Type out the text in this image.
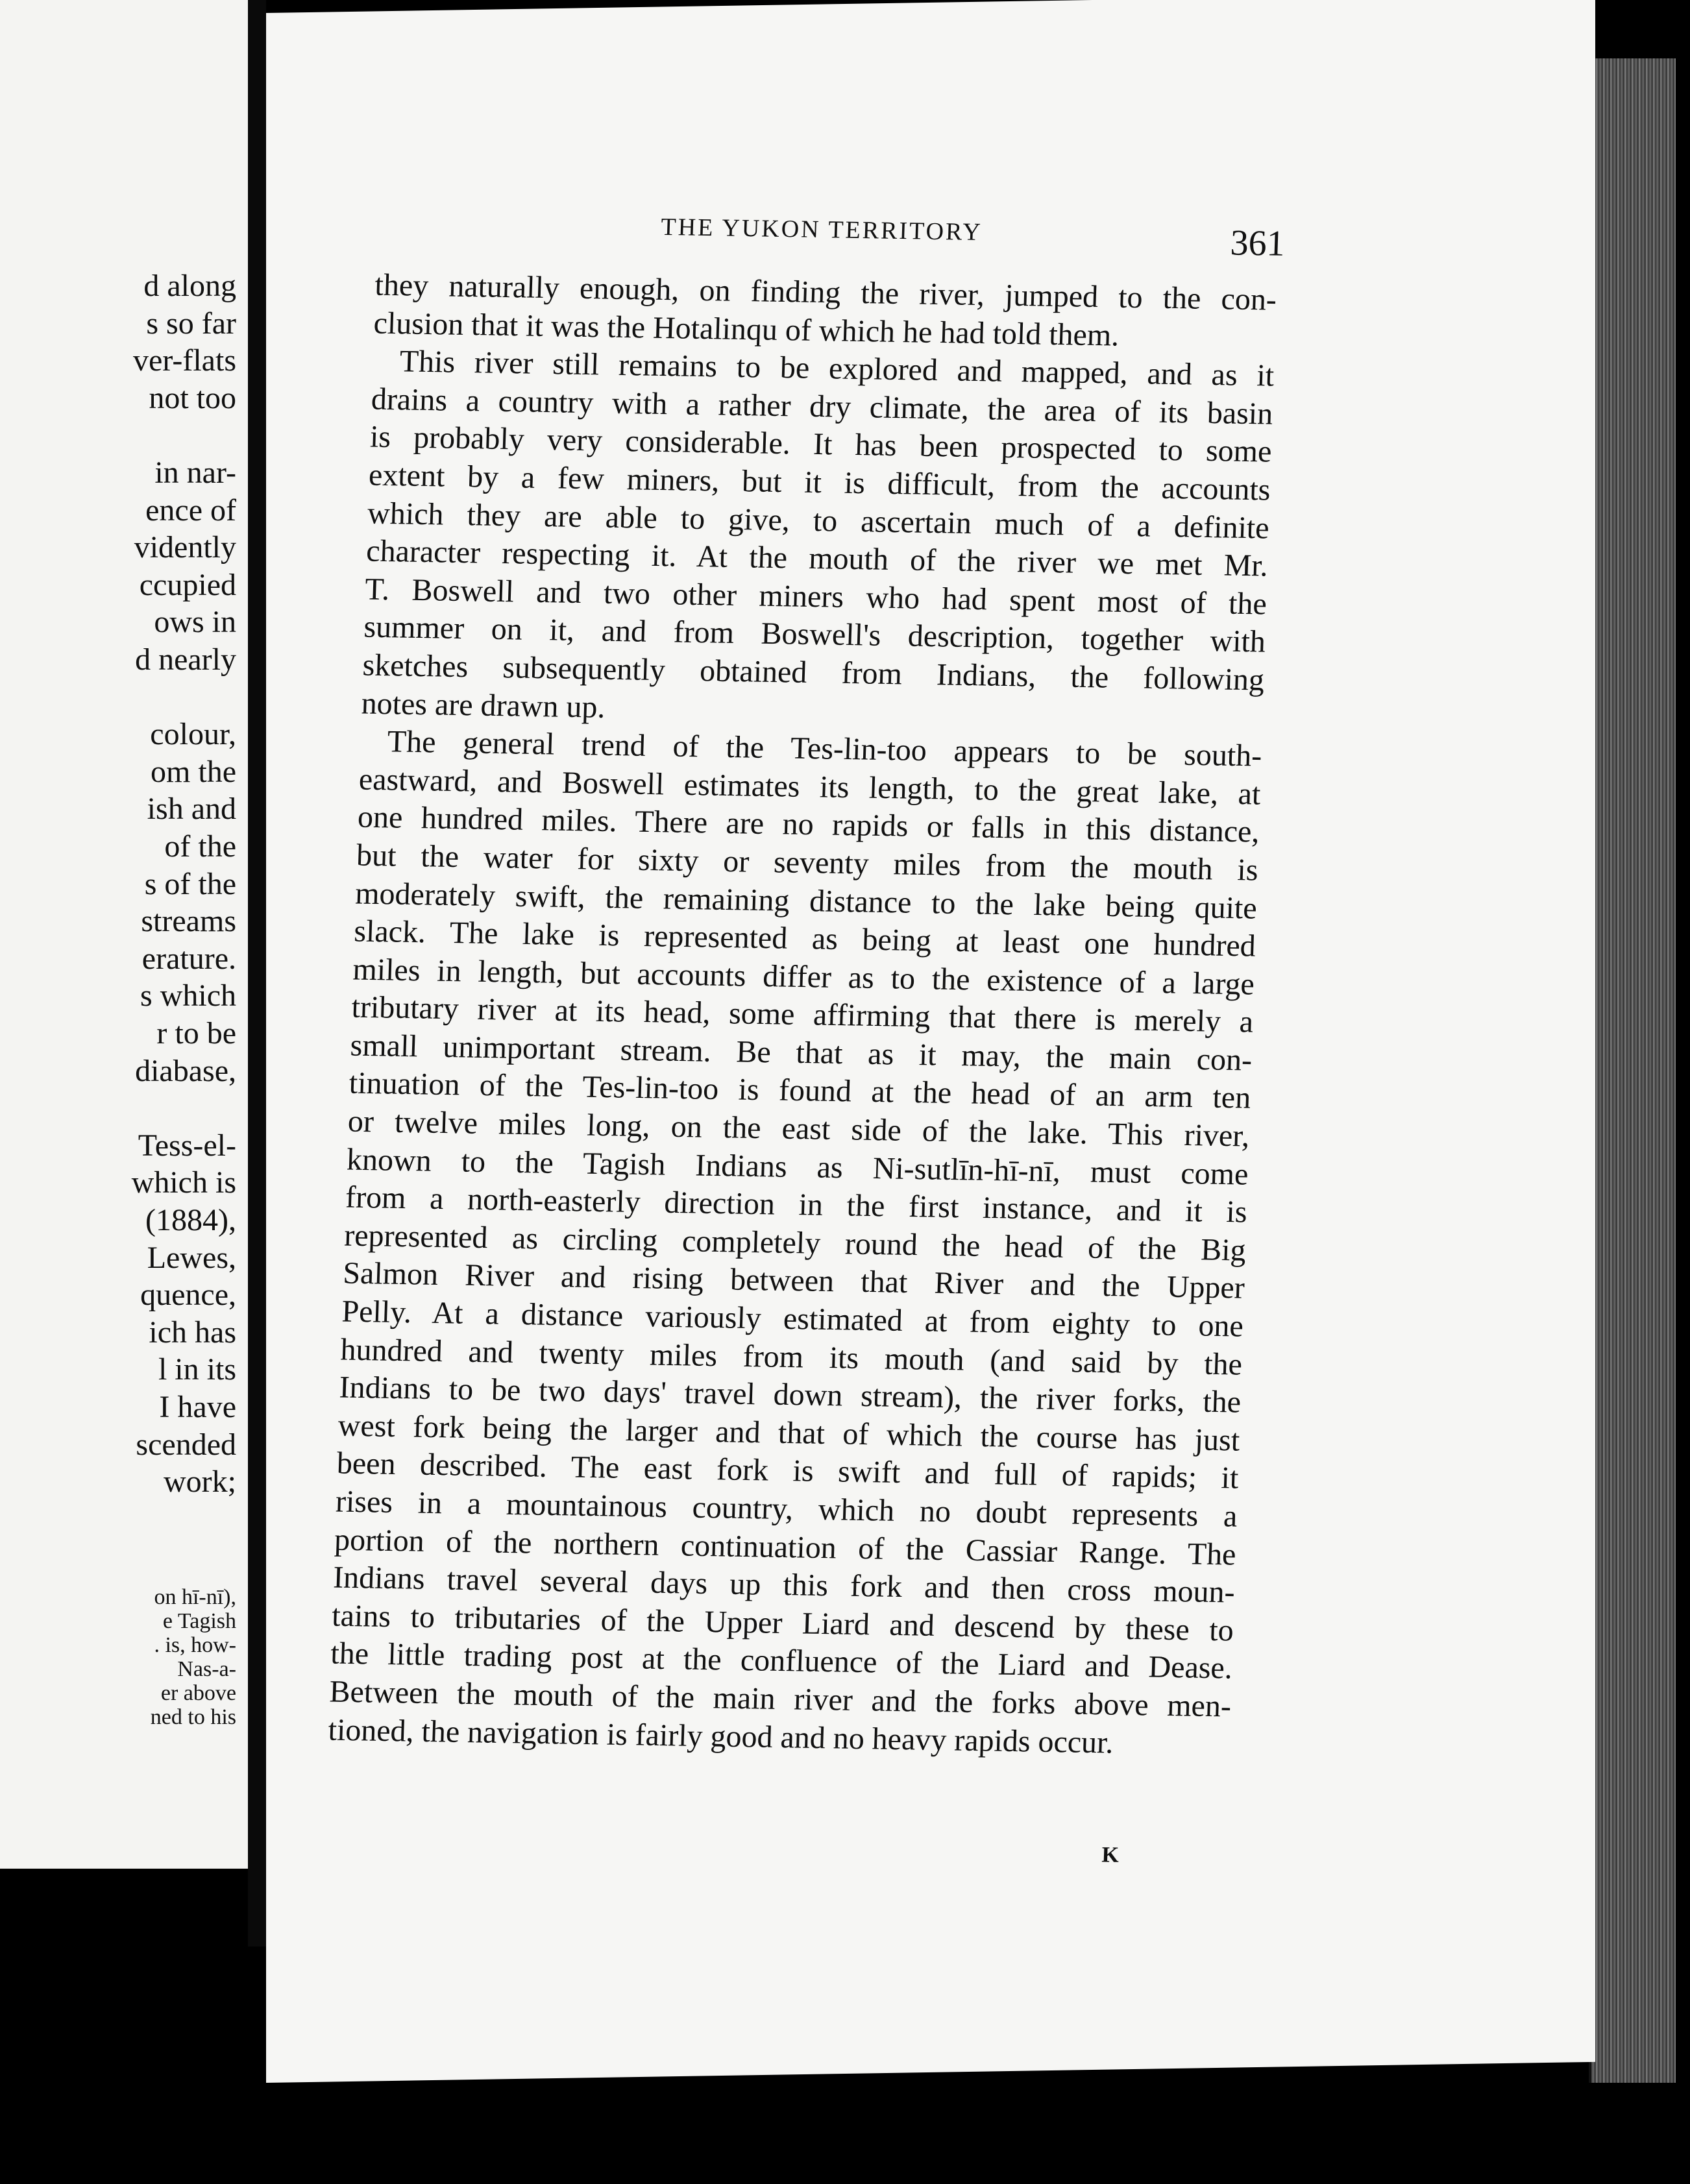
d along
s so far
ver-flats
not too
in nar-
ence of
vidently
ccupied
ows in
d nearly
colour,
om the
ish and
of the
s of the
streams
erature.
s which
r to be
diabase,
Tess-el-
which is
(1884),
Lewes,
quence,
ich has
l in its
I have
scended
work;
on hī-nī),
e Tagish
. is, how-
Nas-a-
er above
ned to his
THE YUKON TERRITORY	361
they naturally enough, on finding the river, jumped to the con-
clusion that it was the Hotalinqu of which he had told them.
This river still remains to be explored and mapped, and as it
drains a country with a rather dry climate, the area of its basin
is probably very considerable. It has been prospected to some
extent by a few miners, but it is difficult, from the accounts
which they are able to give, to ascertain much of a definite
character respecting it. At the mouth of the river we met Mr.
T. Boswell and two other miners who had spent most of the
summer on it, and from Boswell's description, together with
sketches subsequently obtained from Indians, the following
notes are drawn up.
The general trend of the Tes-lin-too appears to be south-
eastward, and Boswell estimates its length, to the great lake, at
one hundred miles. There are no rapids or falls in this distance,
but the water for sixty or seventy miles from the mouth is
moderately swift, the remaining distance to the lake being quite
slack. The lake is represented as being at least one hundred
miles in length, but accounts differ as to the existence of a large
tributary river at its head, some affirming that there is merely a
small unimportant stream. Be that as it may, the main con-
tinuation of the Tes-lin-too is found at the head of an arm ten
or twelve miles long, on the east side of the lake. This river,
known to the Tagish Indians as Ni-sutlīn-hī-nī, must come
from a north-easterly direction in the first instance, and it is
represented as circling completely round the head of the Big
Salmon River and rising between that River and the Upper
Pelly. At a distance variously estimated at from eighty to one
hundred and twenty miles from its mouth (and said by the
Indians to be two days' travel down stream), the river forks, the
west fork being the larger and that of which the course has just
been described. The east fork is swift and full of rapids; it
rises in a mountainous country, which no doubt represents a
portion of the northern continuation of the Cassiar Range. The
Indians travel several days up this fork and then cross moun-
tains to tributaries of the Upper Liard and descend by these to
the little trading post at the confluence of the Liard and Dease.
Between the mouth of the main river and the forks above men-
tioned, the navigation is fairly good and no heavy rapids occur.
K
